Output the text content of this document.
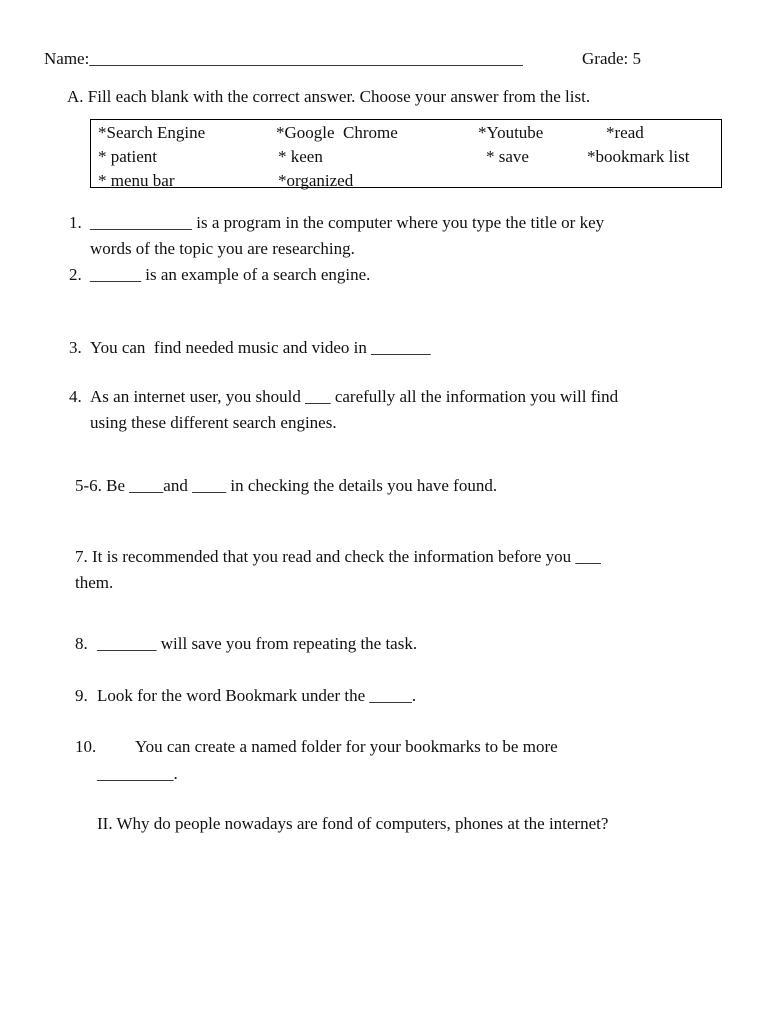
Name:___________________________________________________	Grade: 5
A. Fill each blank with the correct answer. Choose your answer from the list.
*Search Engine	*Google  Chrome	*Youtube	*read
* patient	* keen	* save	*bookmark list
* menu bar	*organized
1. ____________ is a program in the computer where you type the title or key
words of the topic you are researching.
2. ______ is an example of a search engine.
3. You can  find needed music and video in _______
4. As an internet user, you should ___ carefully all the information you will find
using these different search engines.
5-6. Be ____and ____ in checking the details you have found.
7. It is recommended that you read and check the information before you ___
them.
8. _______ will save you from repeating the task.
9. Look for the word Bookmark under the _____.
10. You can create a named folder for your bookmarks to be more
_________.
II. Why do people nowadays are fond of computers, phones at the internet?
